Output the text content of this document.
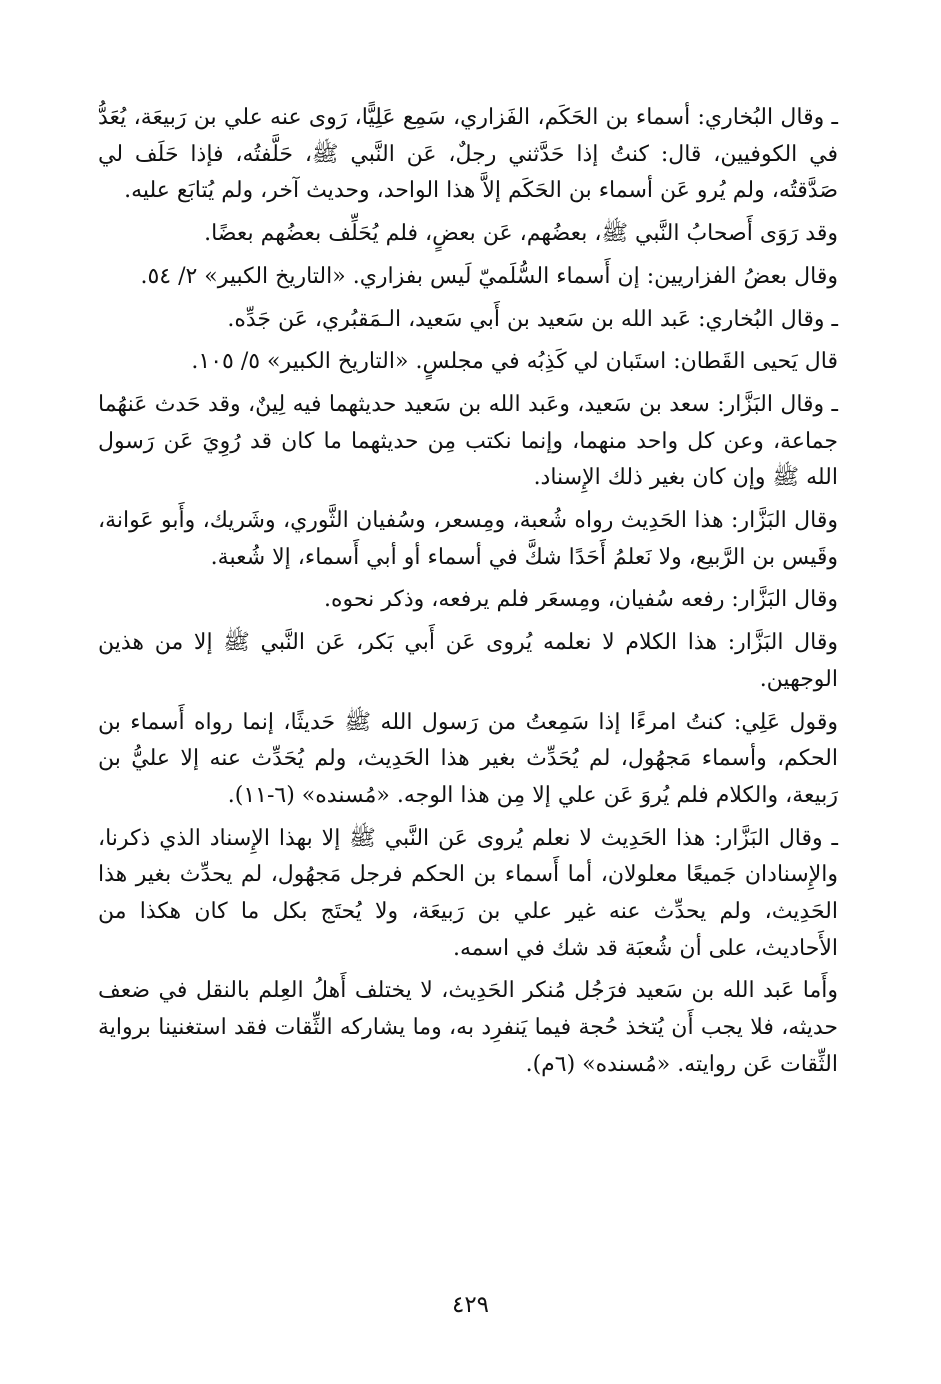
ـ وقال البُخاري: أسماء بن الحَكَم، الفَزاري، سَمِع عَلِيًّا، رَوى عنه علي بن رَبيعَة، يُعَدُّ في الكوفيين، قال: كنتُ إذا حَدَّثني رجلٌ، عَن النَّبي ﷺ، حَلَّفتُه، فإذا حَلَف لي صَدَّقتُه، ولم يُرو عَن أسماء بن الحَكَم إلاَّ هذا الواحد، وحديث آخر، ولم يُتابَع عليه.

وقد رَوَى أَصحابُ النَّبي ﷺ، بعضُهم، عَن بعضٍ، فلم يُحَلِّف بعضُهم بعضًا.

وقال بعضُ الفزاريين: إن أَسماء السُّلَميّ لَيس بفزاري. «التاريخ الكبير» ٢/ ٥٤.

ـ وقال البُخاري: عَبد الله بن سَعيد بن أَبي سَعيد، الـمَقبُري، عَن جَدِّه.

قال يَحيى القَطان: استَبان لي كَذِبُه في مجلسٍ. «التاريخ الكبير» ٥/ ١٠٥.

ـ وقال البَزَّار: سعد بن سَعيد، وعَبد الله بن سَعيد حديثهما فيه لِينٌ، وقد حَدث عَنهُما جماعة، وعن كل واحد منهما، وإنما نكتب مِن حديثهما ما كان قد رُوِيَ عَن رَسول الله ﷺ وإن كان بغير ذلك الإِسناد.

وقال البَزَّار: هذا الحَدِيث رواه شُعبة، ومِسعر، وسُفيان الثَّوري، وشَريك، وأَبو عَوانة، وقَيس بن الرَّبيع، ولا نَعلمُ أَحَدًا شكَّ في أسماء أو أبي أَسماء، إلا شُعبة.

وقال البَزَّار: رفعه سُفيان، ومِسعَر فلم يرفعه، وذكر نحوه.

وقال البَزَّار: هذا الكلام لا نعلمه يُروى عَن أَبي بَكر، عَن النَّبي ﷺ إلا من هذين الوجهين.

وقول عَلِي: كنتُ امرءًا إذا سَمِعتُ من رَسول الله ﷺ حَديثًا، إنما رواه أَسماء بن الحكم، وأسماء مَجهُول، لم يُحَدِّث بغير هذا الحَدِيث، ولم يُحَدِّث عنه إلا عليُّ بن رَبيعة، والكلام فلم يُروَ عَن علي إلا مِن هذا الوجه. «مُسنده» (٦-١١).

ـ وقال البَزَّار: هذا الحَدِيث لا نعلم يُروى عَن النَّبي ﷺ إلا بهذا الإِسناد الذي ذكرنا، والإِسنادان جَميعًا معلولان، أما أَسماء بن الحكم فرجل مَجهُول، لم يحدِّث بغير هذا الحَدِيث، ولم يحدِّث عنه غير علي بن رَبيعَة، ولا يُحتَج بكل ما كان هكذا من الأَحاديث، على أن شُعبَة قد شك في اسمه.

وأَما عَبد الله بن سَعيد فرَجُل مُنكر الحَدِيث، لا يختلف أَهلُ العِلم بالنقل في ضعف حديثه، فلا يجب أَن يُتخذ حُجة فيما يَنفرِد به، وما يشاركه الثِّقات فقد استغنينا برواية الثِّقات عَن روايته. «مُسنده» (٦م).

٤٢٩
